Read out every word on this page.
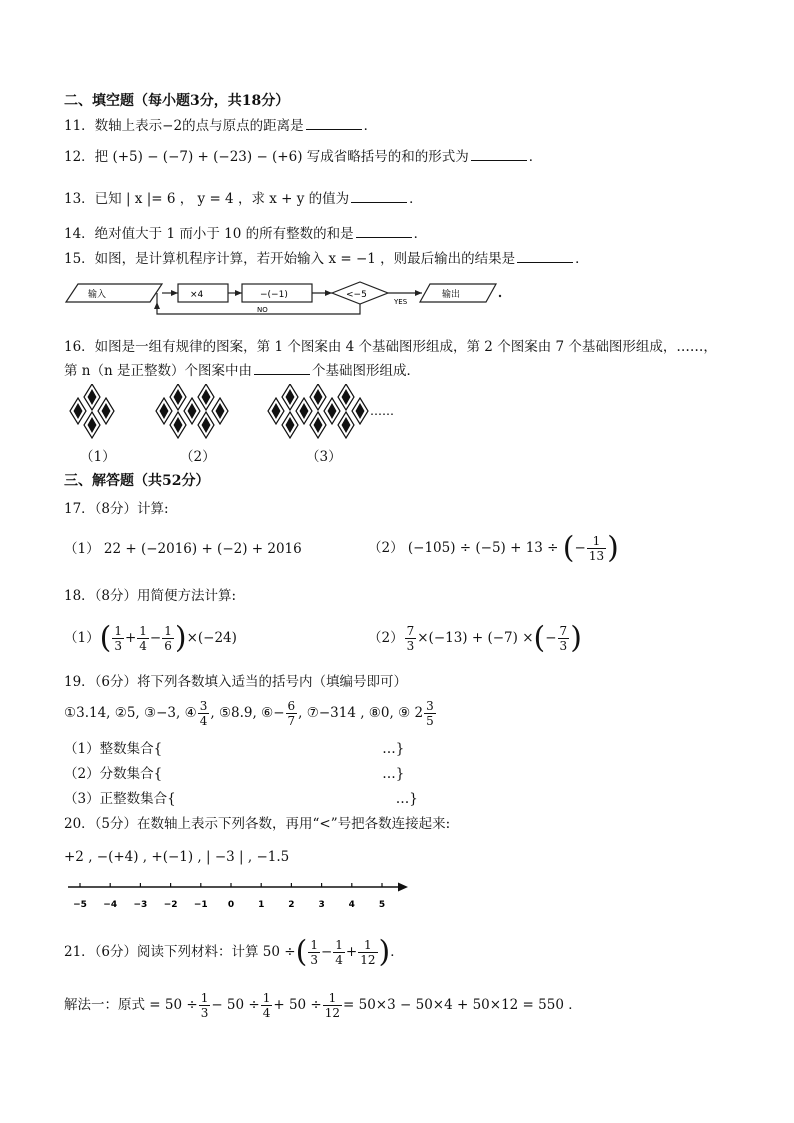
二、填空题（每小题3分，共18分）
11．数轴上表示−2的点与原点的距离是	．
12．把 (+5) − (−7) + (−23) − (+6) 写成省略括号的和的形式为	．
13．已知 | x |= 6 ， y = 4 ，求 x + y 的值为	．
14．绝对值大于 1 而小于 10 的所有整数的和是	．
15．如图，是计算机程序计算，若开始输入 x = −1 ，则最后输出的结果是	．
输入	×4	−(−1)	<−5
YES
NO
输出
16．如图是一组有规律的图案，第 1 个图案由 4 个基础图形组成，第 2 个图案由 7 个基础图形组成，……，
第 n（n 是正整数）个图案中由	个基础图形组成．
……
（1）	（2）	（3）
三、解答题（共52分）
17．（8分）计算:
（1） 22 + (−2016) + (−2) + 2016	（2） (−105) ÷ (−5) + 13 ÷ (− $\frac{1}{13}$ )
18．（8分）用简便方法计算:
$(1)( \frac{1}{3} + \frac{1}{4} - \frac{1}{6} )\times(-24)$	$(2) \frac{7}{3} \times(-13) + (-7)$ ×(− $\frac{7}{3}$ )
19．（6分）将下列各数填入适当的括号内（填编号即可）
①3.14, ②5, ③−3, ④ $\frac{3}{4}$ , ⑤8.9, ⑥− $\frac{6}{7}$ , ⑦−314 , ⑧0, ⑨ $2 \frac{3}{5}$
（1）整数集合{	…}
（2）分数集合{	…}
（3）正整数集合{	…}
20．（5分）在数轴上表示下列各数，再用“<”号把各数连接起来:
+2 , −(+4) , +(−1) , | −3 | , −1.5
−5 −4 −3 −2 −1 0	1	2	3	4	5
21．（6分）阅读下列材料：计算 50 ÷( $\frac{1}{3} - \frac{1}{4} + \frac{1}{12}$ )．
解法一：原式 = $50 \div \frac{1}{3} - 50 \div \frac{1}{4} + 50 \div \frac{1}{12} = 50\times 3 - 50\times 4 + 50\times 12 = 550$ ．
